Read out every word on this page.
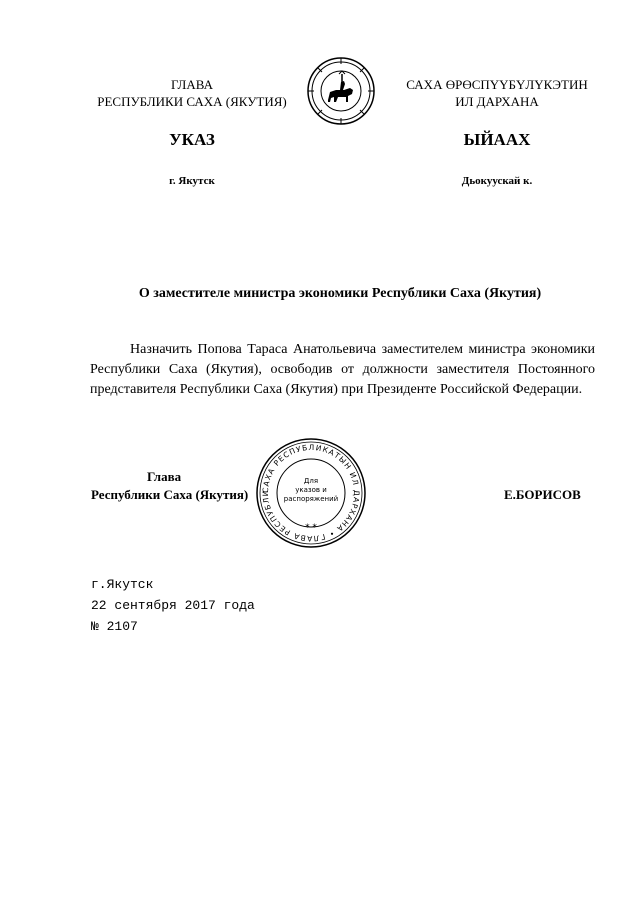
ГЛАВА
РЕСПУБЛИКИ САХА (ЯКУТИЯ)
САХА ӨРӨСПҮҮБҮЛҮКЭТИН
ИЛ ДАРХАНА
УКАЗ	ЫЙААХ
г. Якутск	Дьокуускай к.
О заместителе министра экономики Республики Саха (Якутия)
Назначить Попова Тараса Анатольевича заместителем министра экономики Республики Саха (Якутия), освободив от должности заместителя Постоянного представителя Республики Саха (Якутия) при Президенте Российской Федерации.
Глава
Республики Саха (Якутия)	САХА РЕСПУБЛИКАТЫН ИЛ ДАРХАНА • ГЛАВА РЕСПУБЛИ
* *
Для
указов и
распоряжений	Е.БОРИСОВ
г.Якутск
22 сентября 2017 года
№ 2107
